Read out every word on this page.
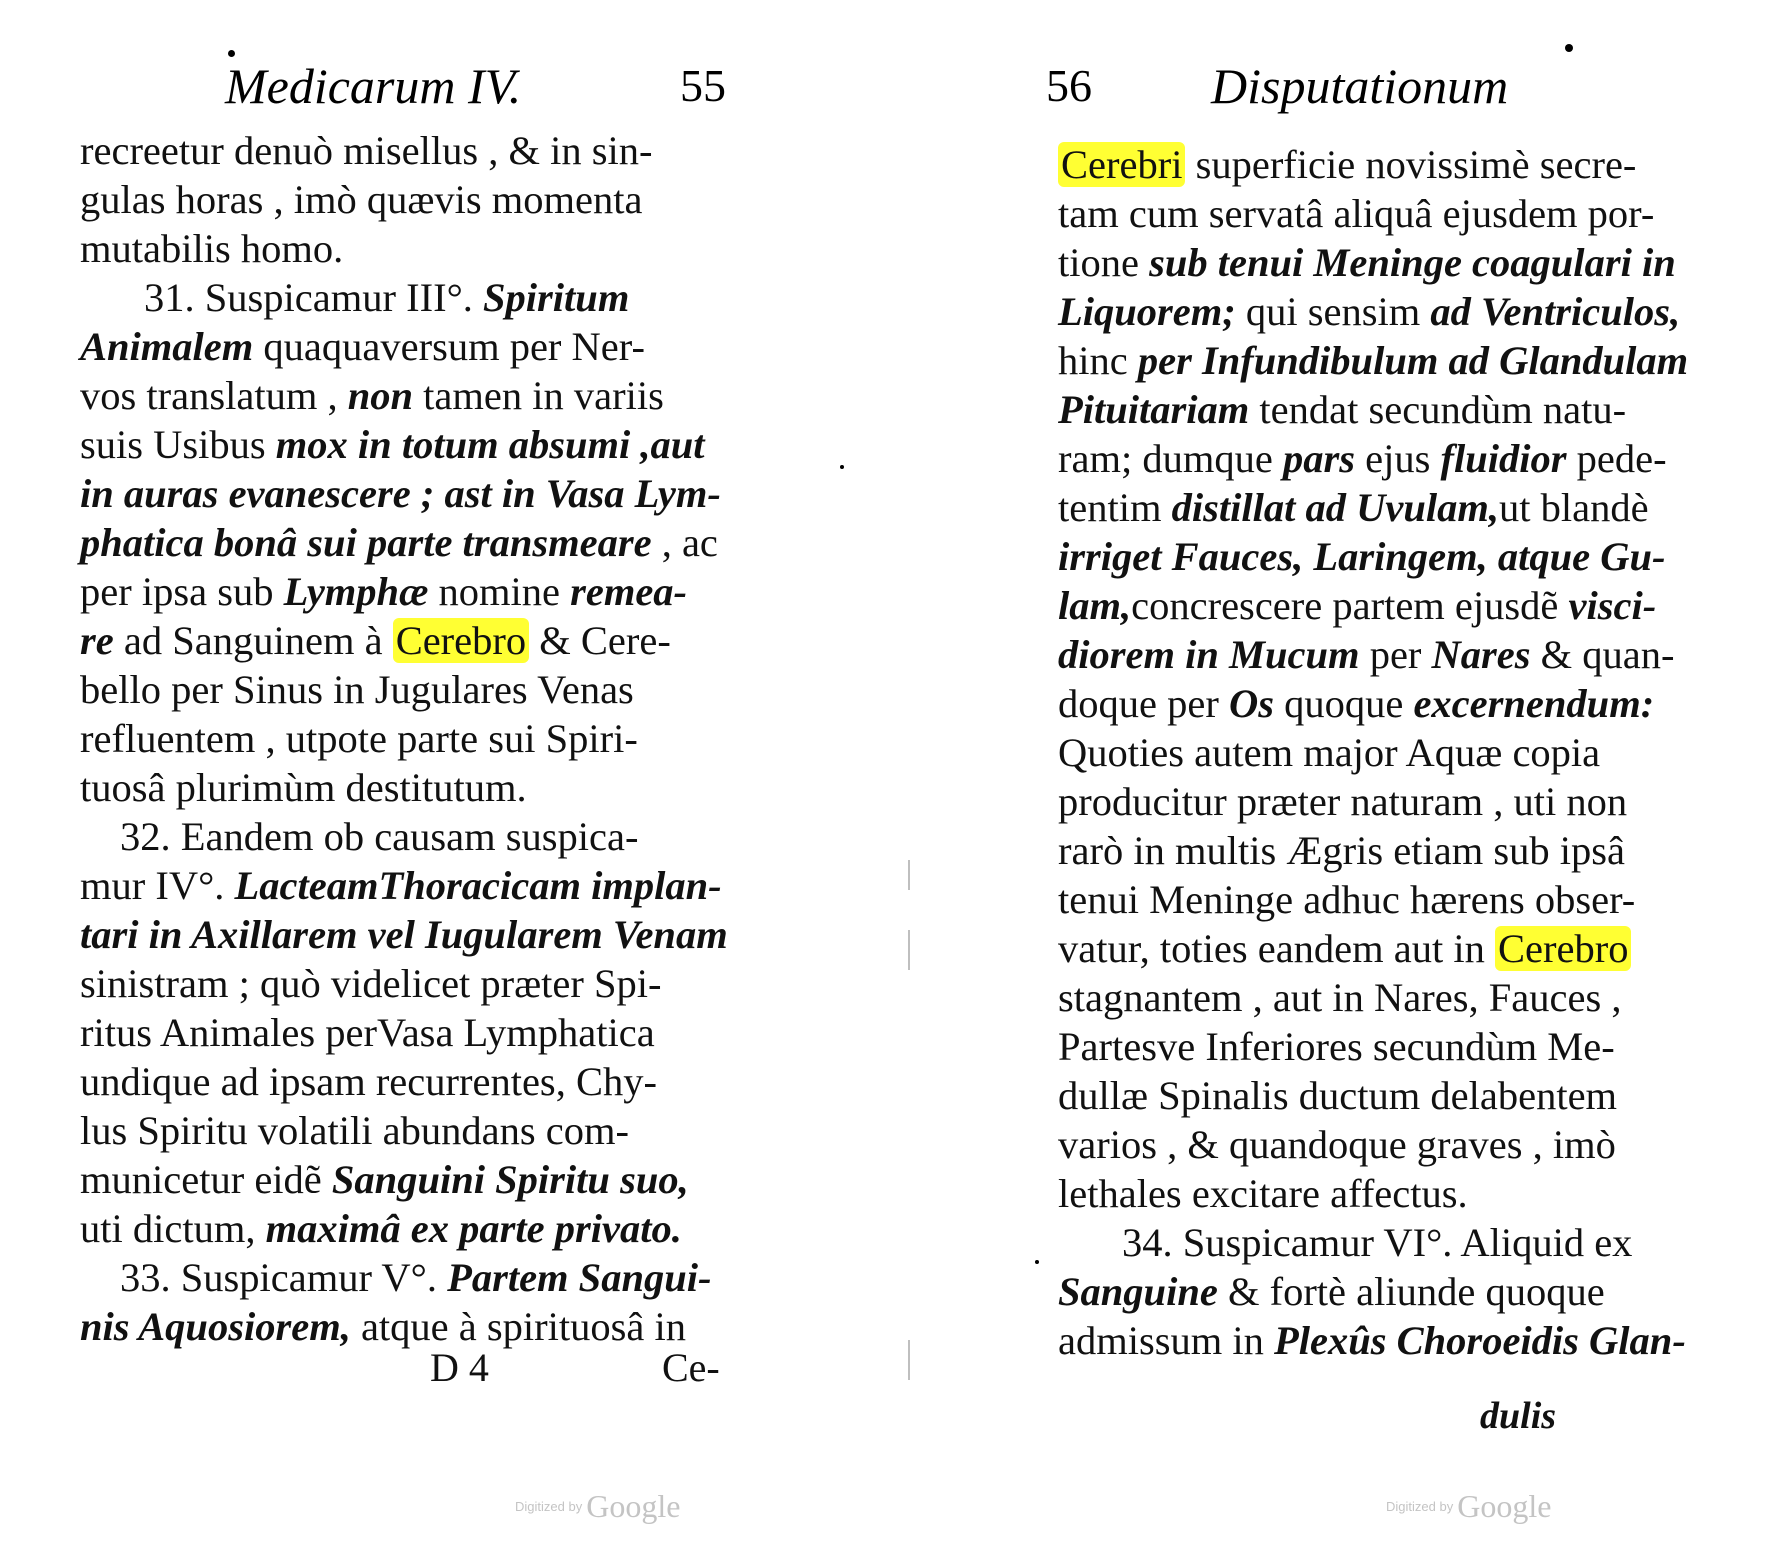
Medicarum IV.	55
recreetur denuò misellus , & in sin-
gulas horas , imò quævis momenta
mutabilis homo.
31. Suspicamur III°. Spiritum
Animalem quaquaversum per Ner-
vos translatum , non tamen in variis
suis Usibus mox in totum absumi ,aut
in auras evanescere ; ast in Vasa Lym-
phatica bonâ sui parte transmeare , ac
per ipsa sub Lymphæ nomine remea-
re ad Sanguinem à Cerebro & Cere-
bello per Sinus in Jugulares Venas
refluentem , utpote parte sui Spiri-
tuosâ plurimùm destitutum.
32. Eandem ob causam suspica-
mur IV°. LacteamThoracicam implan-
tari in Axillarem vel Iugularem Venam
sinistram ; quò videlicet præter Spi-
ritus Animales perVasa Lymphatica
undique ad ipsam recurrentes, Chy-
lus Spiritu volatili abundans com-
municetur eidẽ Sanguini Spiritu suo,
uti dictum, maximâ ex parte privato.
33. Suspicamur V°. Partem Sangui-
nis Aquosiorem, atque à spirituosâ in
D 4	Ce-
Digitized by Google
56 Disputationum
Cerebri superficie novissimè secre-
tam cum servatâ aliquâ ejusdem por-
tione sub tenui Meninge coagulari in
Liquorem; qui sensim ad Ventriculos,
hinc per Infundibulum ad Glandulam
Pituitariam tendat secundùm natu-
ram; dumque pars ejus fluidior pede-
tentim distillat ad Uvulam,ut blandè
irriget Fauces, Laringem, atque Gu-
lam,concrescere partem ejusdẽ visci-
diorem in Mucum per Nares & quan-
doque per Os quoque excernendum:
Quoties autem major Aquæ copia
producitur præter naturam , uti non
rarò in multis Ægris etiam sub ipsâ
tenui Meninge adhuc hærens obser-
vatur, toties eandem aut in Cerebro
stagnantem , aut in Nares, Fauces ,
Partesve Inferiores secundùm Me-
dullæ Spinalis ductum delabentem
varios , & quandoque graves , imò
lethales excitare affectus.
34. Suspicamur VI°. Aliquid ex
Sanguine & fortè aliunde quoque
admissum in Plexûs Choroeidis Glan-
dulis
Digitized by Google
